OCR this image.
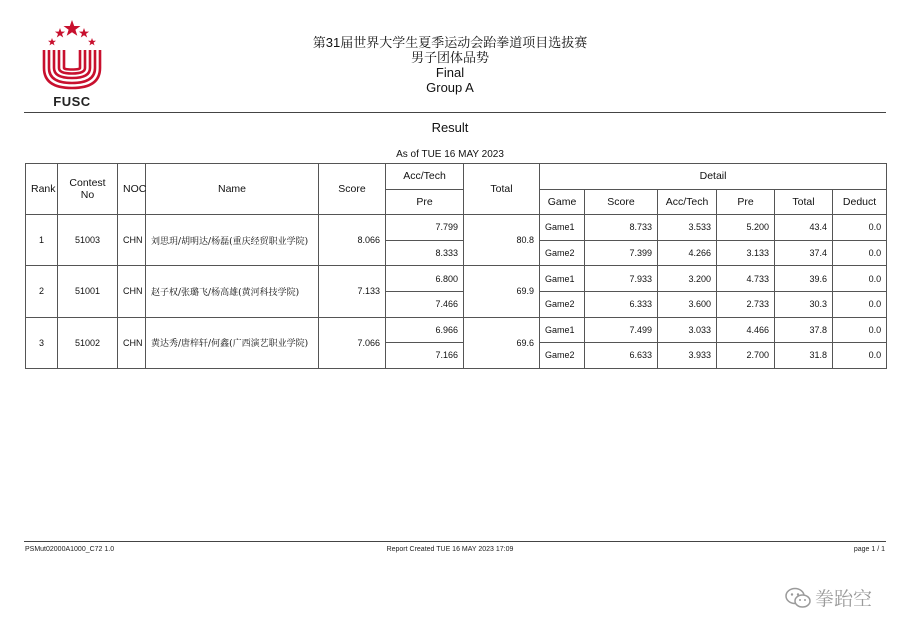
FUSC
第31届世界大学生夏季运动会跆拳道项目选拔赛
男子团体品势
Final
Group A
Result
As of TUE 16 MAY 2023
Rank	Contest No	NOC	Name	Score	Acc/Tech	Total	Detail					
					Pre		Game	Score	Acc/Tech	Pre	Total	Deduct
1	51003	CHN	刘思玥/胡明达/杨磊(重庆经贸职业学院)	8.066	7.799	80.8	Game1	8.733	3.533	5.200	43.4	0.0
					8.333		Game2	7.399	4.266	3.133	37.4	0.0
2	51001	CHN	赵子权/张璐飞/杨高雄(黄河科技学院)	7.133	6.800	69.9	Game1	7.933	3.200	4.733	39.6	0.0
					7.466		Game2	6.333	3.600	2.733	30.3	0.0
3	51002	CHN	黄达秀/唐梓轩/何鑫(广西演艺职业学院)	7.066	6.966	69.6	Game1	7.499	3.033	4.466	37.8	0.0
					7.166		Game2	6.633	3.933	2.700	31.8	0.0
PSMut02000A1000_C72 1.0	Report Created TUE 16 MAY 2023 17:09	page 1 / 1
拳跆空
